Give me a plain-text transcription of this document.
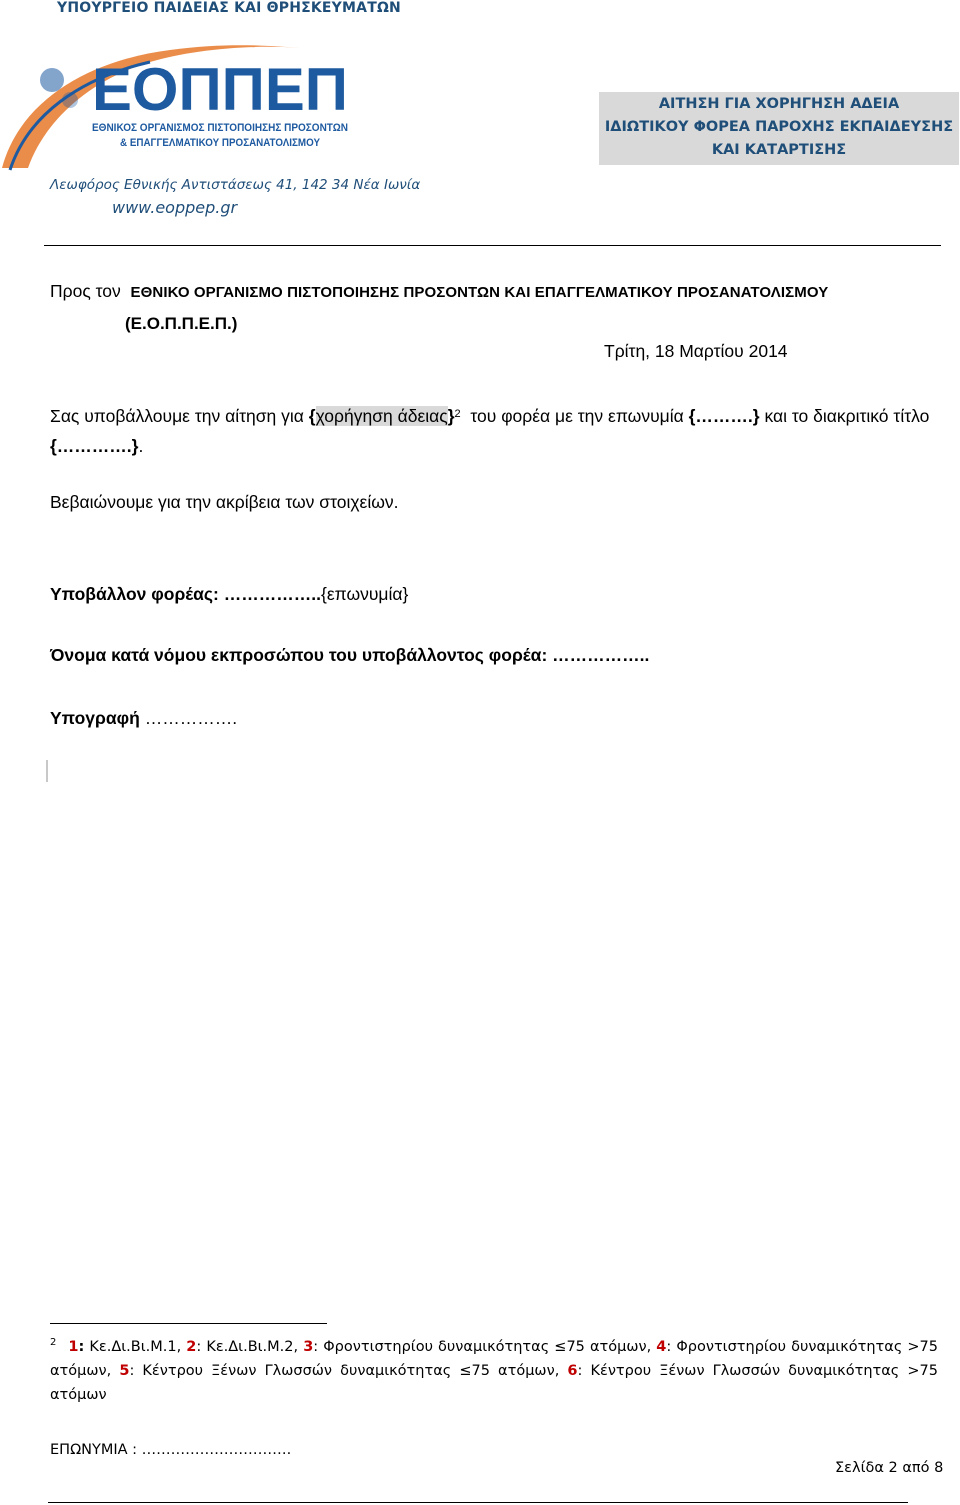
ΥΠΟΥΡΓΕΙΟ ΠΑΙΔΕΙΑΣ ΚΑΙ ΘΡΗΣΚΕΥΜΑΤΩΝ
ΕΟΠΠΕΠ
ΕΘΝΙΚΟΣ ΟΡΓΑΝΙΣΜΟΣ ΠΙΣΤΟΠΟΙΗΣΗΣ ΠΡΟΣΟΝΤΩΝ
& ΕΠΑΓΓΕΛΜΑΤΙΚΟΥ ΠΡΟΣΑΝΑΤΟΛΙΣΜΟΥ
Λεωφόρος Εθνικής Αντιστάσεως 41, 142 34 Νέα Ιωνία
www.eoppep.gr
ΑΙΤΗΣΗ ΓΙΑ ΧΟΡΗΓΗΣΗ ΑΔΕΙΑ
ΙΔΙΩΤΙΚΟΥ ΦΟΡΕΑ ΠΑΡΟΧΗΣ ΕΚΠΑΙΔΕΥΣΗΣ
ΚΑΙ ΚΑΤΑΡΤΙΣΗΣ
Προς τον ΕΘΝΙΚΟ ΟΡΓΑΝΙΣΜΟ ΠΙΣΤΟΠΟΙΗΣΗΣ ΠΡΟΣΟΝΤΩΝ ΚΑΙ ΕΠΑΓΓΕΛΜΑΤΙΚΟΥ ΠΡΟΣΑΝΑΤΟΛΙΣΜΟΥ
(Ε.Ο.Π.Π.Ε.Π.)
Τρίτη, 18 Μαρτίου 2014
Σας υποβάλλουμε την αίτηση για {χορήγηση άδειας}$^2$ του φορέα με την επωνυμία {……….} και το διακριτικό τίτλο {………….}.
Βεβαιώνουμε για την ακρίβεια των στοιχείων.
Υποβάλλον φορέας: ……………..{επωνυμία}
Όνομα κατά νόμου εκπροσώπου του υποβάλλοντος φορέα: ……………..
Υπογραφή …………….
$^2$ 1: Κε.Δι.Βι.Μ.1, 2: Κε.Δι.Βι.Μ.2, 3: Φροντιστηρίου δυναμικότητας ≤75 ατόμων, 4: Φροντιστηρίου δυναμικότητας >75 ατόμων, 5: Κέντρου Ξένων Γλωσσών δυναμικότητας ≤75 ατόμων, 6: Κέντρου Ξένων Γλωσσών δυναμικότητας >75 ατόμων
ΕΠΩΝΥΜΙΑ : ………………………….
Σελίδα 2 από 8
